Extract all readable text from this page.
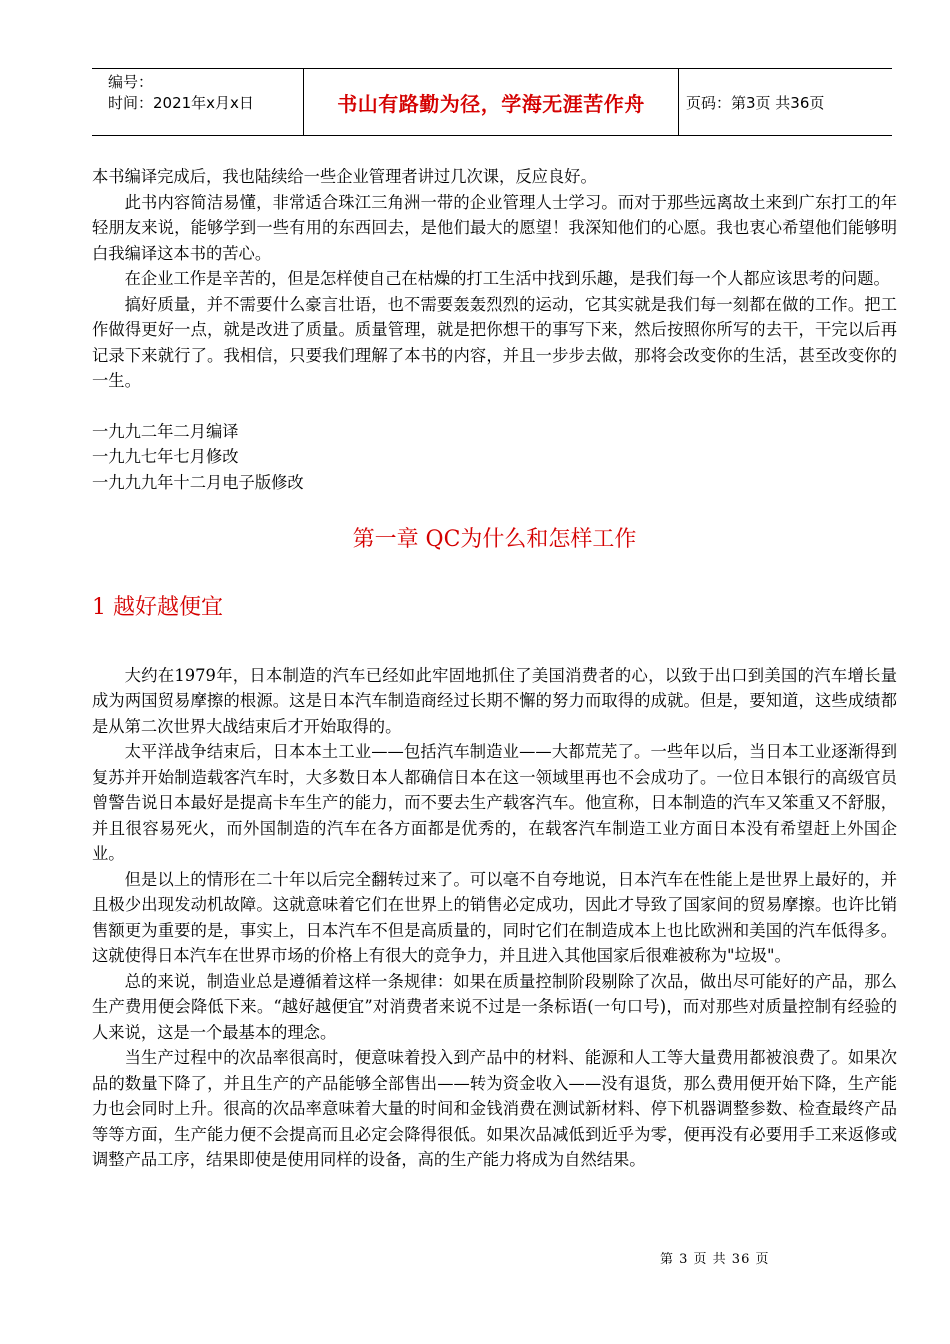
编号：
时间：2021年x月x日	书山有路勤为径，学海无涯苦作舟	页码：第3页 共36页

本书编译完成后，我也陆续给一些企业管理者讲过几次课，反应良好。

此书内容简洁易懂，非常适合珠江三角洲一带的企业管理人士学习。而对于那些远离故土来到广东打工的年轻朋友来说，能够学到一些有用的东西回去，是他们最大的愿望！我深知他们的心愿。我也衷心希望他们能够明白我编译这本书的苦心。

在企业工作是辛苦的，但是怎样使自己在枯燥的打工生活中找到乐趣，是我们每一个人都应该思考的问题。

搞好质量，并不需要什么豪言壮语，也不需要轰轰烈烈的运动，它其实就是我们每一刻都在做的工作。把工作做得更好一点，就是改进了质量。质量管理，就是把你想干的事写下来，然后按照你所写的去干，干完以后再记录下来就行了。我相信，只要我们理解了本书的内容，并且一步步去做，那将会改变你的生活，甚至改变你的一生。

一九九二年二月编译

一九九七年七月修改

一九九九年十二月电子版修改

第一章 QC为什么和怎样工作
1 越好越便宜

大约在1979年，日本制造的汽车已经如此牢固地抓住了美国消费者的心，以致于出口到美国的汽车增长量成为两国贸易摩擦的根源。这是日本汽车制造商经过长期不懈的努力而取得的成就。但是，要知道，这些成绩都是从第二次世界大战结束后才开始取得的。

太平洋战争结束后，日本本土工业——包括汽车制造业——大都荒芜了。一些年以后，当日本工业逐渐得到复苏并开始制造载客汽车时，大多数日本人都确信日本在这一领域里再也不会成功了。一位日本银行的高级官员曾警告说日本最好是提高卡车生产的能力，而不要去生产载客汽车。他宣称，日本制造的汽车又笨重又不舒服，并且很容易死火，而外国制造的汽车在各方面都是优秀的，在载客汽车制造工业方面日本没有希望赶上外国企业。

但是以上的情形在二十年以后完全翻转过来了。可以毫不自夸地说，日本汽车在性能上是世界上最好的，并且极少出现发动机故障。这就意味着它们在世界上的销售必定成功，因此才导致了国家间的贸易摩擦。也许比销售额更为重要的是，事实上，日本汽车不但是高质量的，同时它们在制造成本上也比欧洲和美国的汽车低得多。这就使得日本汽车在世界市场的价格上有很大的竞争力，并且进入其他国家后很难被称为"垃圾"。

总的来说，制造业总是遵循着这样一条规律：如果在质量控制阶段剔除了次品，做出尽可能好的产品，那么生产费用便会降低下来。“越好越便宜”对消费者来说不过是一条标语(一句口号)，而对那些对质量控制有经验的人来说，这是一个最基本的理念。

当生产过程中的次品率很高时，便意味着投入到产品中的材料、能源和人工等大量费用都被浪费了。如果次品的数量下降了，并且生产的产品能够全部售出——转为资金收入——没有退货，那么费用便开始下降，生产能力也会同时上升。很高的次品率意味着大量的时间和金钱消费在测试新材料、停下机器调整参数、检查最终产品等等方面，生产能力便不会提高而且必定会降得很低。如果次品减低到近乎为零，便再没有必要用手工来返修或调整产品工序，结果即使是使用同样的设备，高的生产能力将成为自然结果。

第 3 页 共 36 页
